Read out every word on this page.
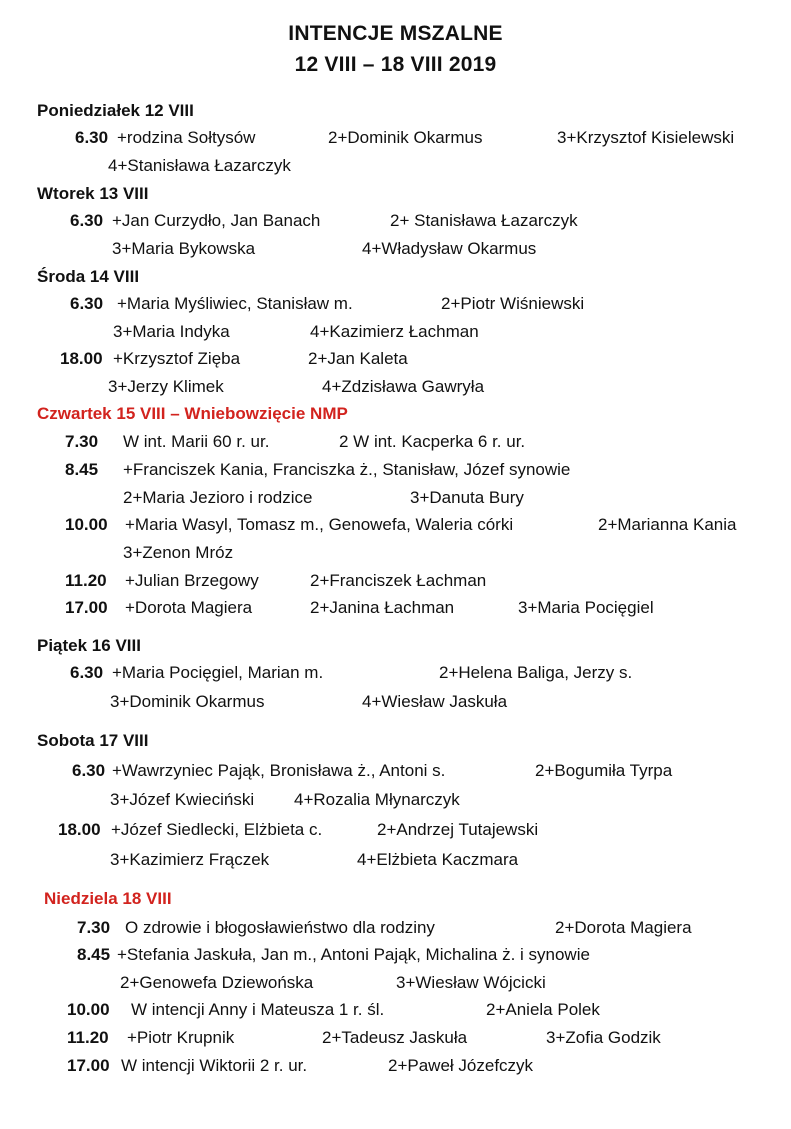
INTENCJE MSZALNE
12 VIII – 18 VIII 2019
Poniedziałek 12 VIII
6.30 +rodzina Sołtysów	2+Dominik Okarmus	3+Krzysztof Kisielewski
4+Stanisława Łazarczyk
Wtorek 13 VIII
6.30 +Jan Curzydło, Jan Banach	2+ Stanisława Łazarczyk
3+Maria Bykowska	4+Władysław Okarmus
Środa 14 VIII
6.30 +Maria Myśliwiec, Stanisław m.	2+Piotr Wiśniewski
3+Maria Indyka	4+Kazimierz Łachman
18.00 +Krzysztof Zięba	2+Jan Kaleta
3+Jerzy Klimek	4+Zdzisława Gawryła
Czwartek 15 VIII – Wniebowzięcie NMP
7.30 W int. Marii 60 r. ur.	2 W int. Kacperka 6 r. ur.
8.45 +Franciszek Kania, Franciszka ż., Stanisław, Józef synowie
2+Maria Jezioro i rodzice	3+Danuta Bury
10.00 +Maria Wasyl, Tomasz m., Genowefa, Waleria córki	2+Marianna Kania
3+Zenon Mróz
11.20 +Julian Brzegowy	2+Franciszek Łachman
17.00 +Dorota Magiera	2+Janina Łachman	3+Maria Pocięgiel
Piątek 16 VIII
6.30 +Maria Pocięgiel, Marian m.	2+Helena Baliga, Jerzy s.
3+Dominik Okarmus	4+Wiesław Jaskuła
Sobota 17 VIII
6.30 +Wawrzyniec Pająk, Bronisława ż., Antoni s.	2+Bogumiła Tyrpa
3+Józef Kwieciński 4+Rozalia Młynarczyk
18.00 +Józef Siedlecki, Elżbieta c.	2+Andrzej Tutajewski
3+Kazimierz Frączek	4+Elżbieta Kaczmara
Niedziela 18 VIII
7.30 O zdrowie i błogosławieństwo dla rodziny	2+Dorota Magiera
8.45 +Stefania Jaskuła, Jan m., Antoni Pająk, Michalina ż. i synowie
2+Genowefa Dziewońska	3+Wiesław Wójcicki
10.00 W intencji Anny i Mateusza 1 r. śl.	2+Aniela Polek
11.20 +Piotr Krupnik	2+Tadeusz Jaskuła	3+Zofia Godzik
17.00 W intencji Wiktorii 2 r. ur.	2+Paweł Józefczyk
